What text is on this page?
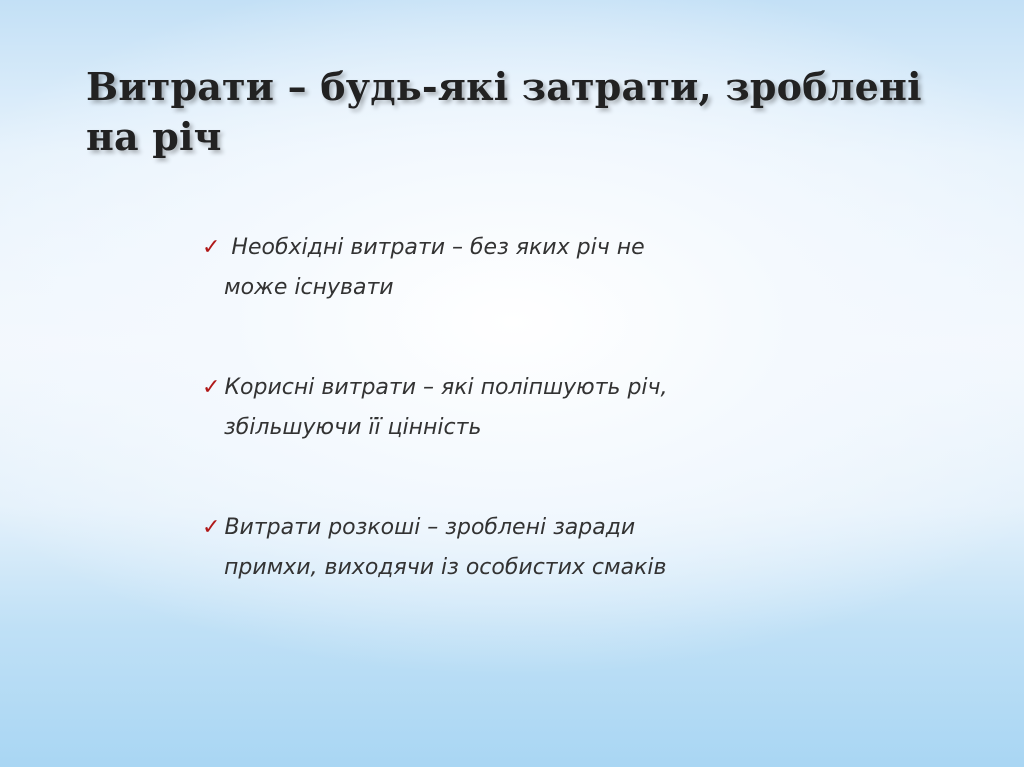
Витрати – будь-які затрати, зроблені на річ
✓ Необхідні витрати – без яких річ не
може існувати
✓ Корисні витрати – які поліпшують річ,
збільшуючи її цінність
✓ Витрати розкоші – зроблені заради
примхи, виходячи із особистих смаків
